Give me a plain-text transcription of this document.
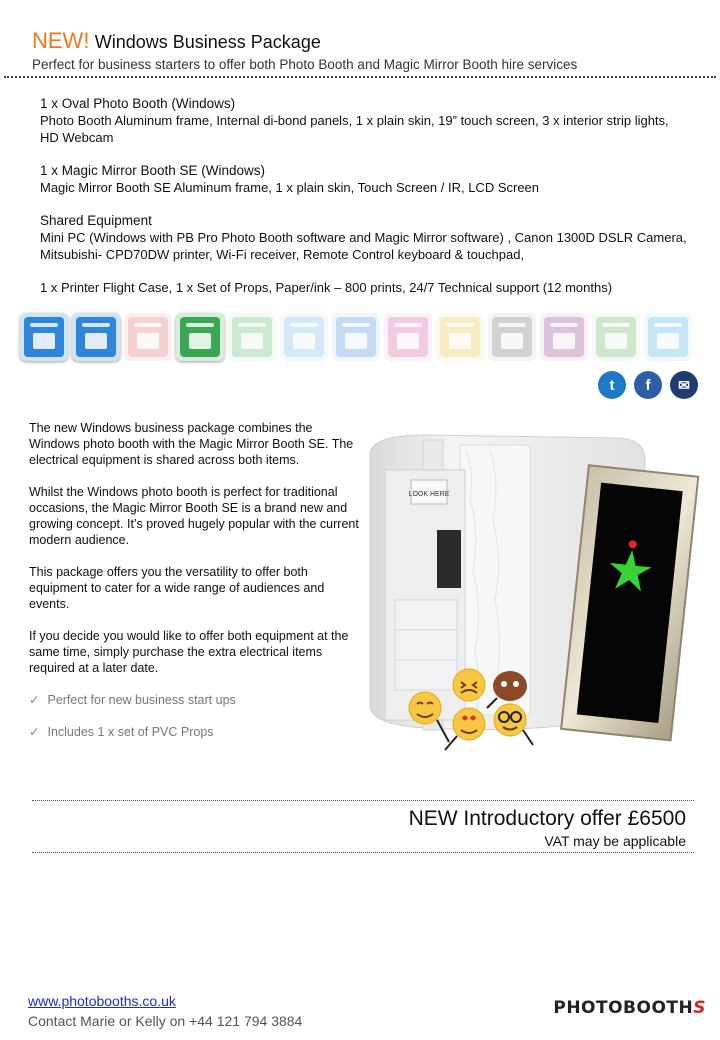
NEW! Windows Business Package
Perfect for business starters to offer both Photo Booth and Magic Mirror Booth hire services
1 x Oval Photo Booth (Windows)
Photo Booth Aluminum frame, Internal di-bond panels, 1 x plain skin, 19” touch screen, 3 x interior strip lights, HD Webcam
1 x Magic Mirror Booth SE (Windows)
Magic Mirror Booth SE Aluminum frame, 1 x plain skin, Touch Screen / IR, LCD Screen
Shared Equipment
Mini PC (Windows with PB Pro Photo Booth software and Magic Mirror software) , Canon 1300D DSLR Camera, Mitsubishi- CPD70DW printer, Wi-Fi receiver, Remote Control keyboard & touchpad,
1 x Printer Flight Case, 1 x Set of Props, Paper/ink – 800 prints, 24/7 Technical support (12 months)
t	f	✉

The new Windows business package combines the Windows photo booth with the Magic Mirror Booth SE. The electrical equipment is shared across both items.

Whilst the Windows photo booth is perfect for traditional occasions, the Magic Mirror Booth SE is a brand new and growing concept. It’s proved hugely popular with the current modern audience.

This package offers you the versatility to offer both equipment to cater for a wide range of audiences and events.

If you decide you would like to offer both equipment at the same time, simply purchase the extra electrical items required at a later date.

✓ Perfect for new business start ups
✓ Includes 1 x set of PVC Props
LOOK HERE
NEW Introductory offer £6500
VAT may be applicable
www.photobooths.co.uk
Contact Marie or Kelly on +44 121 794 3884
PHOTOBOOTHS
